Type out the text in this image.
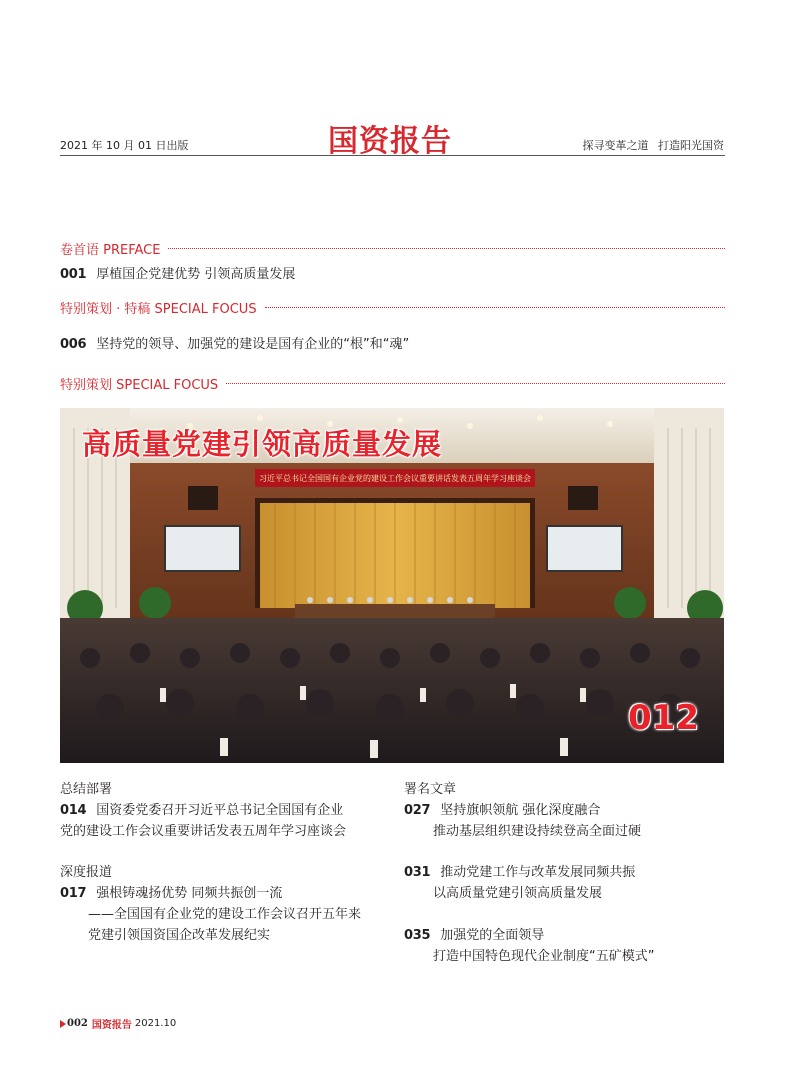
2021 年 10 月 01 日出版	国资报告	探寻变革之道 打造阳光国资
卷首语 PREFACE
001 厚植国企党建优势 引领高质量发展
特别策划 · 特稿 SPECIAL FOCUS
006 坚持党的领导、加强党的建设是国有企业的“根”和“魂”
特别策划 SPECIAL FOCUS
高质量党建引领高质量发展
习近平总书记全国国有企业党的建设工作会议重要讲话发表五周年学习座谈会
012
总结部署
014 国资委党委召开习近平总书记全国国有企业
党的建设工作会议重要讲话发表五周年学习座谈会
深度报道
017 强根铸魂扬优势 同频共振创一流
——全国国有企业党的建设工作会议召开五年来
党建引领国资国企改革发展纪实
署名文章
027 坚持旗帜领航 强化深度融合
推动基层组织建设持续登高全面过硬
031 推动党建工作与改革发展同频共振
以高质量党建引领高质量发展
035 加强党的全面领导
打造中国特色现代企业制度“五矿模式”
002 国资报告 2021.10
